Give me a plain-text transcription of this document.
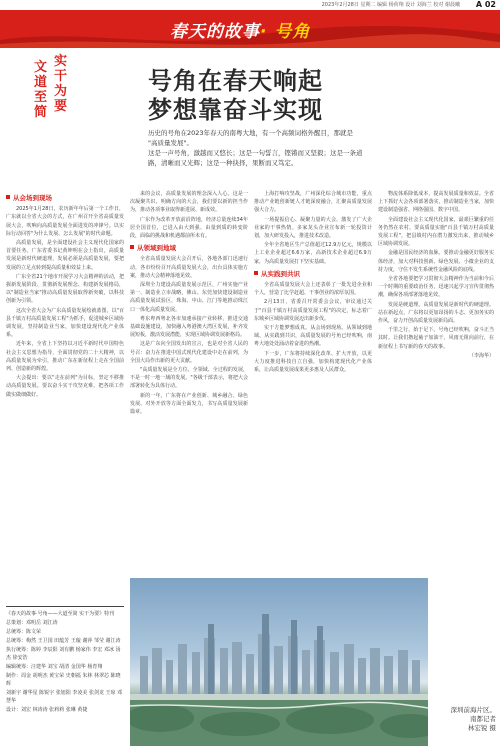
2023年2月28日 星期二 编辑 杨荷翔 设计 刘海兰 校对 谢晨曦 A 02
春天的故事· 号角
文道至简
实干为要
号角在春天响起
梦想靠奋斗实现
历史的号角在2023年春天的南粤大地，有一个高频词格外醒目，那就是
"高质量发展"。
这是一声号角，激越而又悠长；这是一句誓言，铿锵而又坚毅；这是一条道
路，清晰而又光辉；这是一种抉择，果断而又笃定。
从会场到现场

2025年1月28日，农历新年年后第一个工作日，广东就以全省大会的方式，在广州召开全省高质量发展大会，吹响向高质量发展全面进发的冲锋号。以实际行动回答"为什么发展、怎么发展"的时代命题。

高质量发展，是全面建设社会主义现代化国家的首要任务。广东省委书记黄坤明在会上指出，高质量发展是新时代硬道理，发展必须是高质量发展，要把发展的立足点转到提高质量和效益上来。

广东全省21个地市开展学习大会精神的活动，把握新发展阶段、贯彻新发展理念、构建新发展格局，以"制造业当家"推动高质量发展取得新突破，以科技创新为引领。

这次全省大会为广东高质量发展绘就蓝图，以"百县千镇万村高质量发展工程"为抓手，促进城乡区域协调发展，坚持制造业当家，加快建设现代化产业体系。

近年来，全省上下坚持以习近平新时代中国特色社会主义思想为指导，全面贯彻党的二十大精神，以高质量发展为牵引，推动广东在新征程上走在全国前列、创造新的辉煌。

大会提出：要以"走在前列"为目标，坚定不移推动高质量发展。要以奋斗实干攻坚克难，把各项工作做实做细做好。

来的会议，高质量发展的理念深入人心。这是一次凝聚共识、明确方向的大会，我们要以新的担当作为，推动各项事业取得新进展、新成效。

广东作为改革开放前沿阵地，经济总量连续34年居全国首位，已进入由大到强、由量到质的转变阶段，面临的挑战和机遇都前所未有。

从领域到地域

全省高质量发展大会召开后，各地各部门迅速行动，各市纷纷召开高质量发展大会，出台具体实施方案，推动大会精神落地见效。

深圳全力建设高质量发展示范区，广州实施产业第一、制造业立市战略，佛山、东莞加快建设制造业高质量发展试验区，珠海、中山、江门等地推动珠江口一体化高质量发展。

粤东粤西粤北各市加速承接产业转移，推进交通基础设施建设，加快融入粤港澳大湾区发展，补齐发展短板，激活发展潜能，实现区域协调发展新格局。

这是广东向全国发出的宣言，也是对全省人民的号召：奋力在推进中国式现代化建设中走在前列，为全国大局作出新的更大贡献。

"高质量发展是全方位、全领域、全过程的发展，不是一时一地一域的发展。"各级干部表示，将把大会部署转化为具体行动。

新的一年，广东将在产业创新、城乡融合、绿色发展、对外开放等方面全面发力，书写高质量发展新篇章。

上海打响攻坚战，广州深化综合城市功能，重点推动产业链创新链人才链深度融合，汇聚高质量发展强大合力。

一场提振信心、凝聚力量的大会，激发了广大企业家的干事热情。多家龙头企业宣布新一轮投资计划，加大研发投入，推进技术改造。

全年全省地区生产总值超过12.9万亿元，规模以上工业企业超过6.6万家，高新技术企业超过6.9万家，为高质量发展打下坚实基础。

从实践到共识

全省高质量发展大会上还表彰了一批先进企业和个人，营造了比学赶超、干事创业的浓厚氛围。

2月13日，省委召开常委会会议，审议通过关于"百县千镇万村高质量发展工程"的决定，标志着广东城乡区域协调发展迈出新步伐。

实干方能梦想成真。从会场到现场、从领域到地域、从实践到共识，高质量发展的号角已经吹响，南粤大地处处涌动着奋进的热潮。

下一步，广东将持续深化改革、扩大开放，以更大力度推进科技自立自强，加快构建现代化产业体系，让高质量发展成果更多惠及人民群众。

物流体系降低成本，提高发展质量和效益。全省上下抓好大会各项部署落实，推动制造业当家，加快建设制造强省、网络强国、数字中国。

全面建设社会主义现代化国家，最艰巨繁重的任务仍然在农村。要高质量实施"百县千镇万村高质量发展工程"，把县镇村内在潜力激发出来，推动城乡区域协调发展。

金融是国民经济的血脉。要推动金融更好服务实体经济，加大对科技创新、绿色发展、小微企业的支持力度，守住不发生系统性金融风险的底线。

全省各地要把学习贯彻大会精神作为当前和今后一个时期的重要政治任务，迅速兴起学习宣传贯彻热潮，确保各项部署落地见效。

发展是硬道理，高质量发展是新时代的硬道理。站在新起点，广东将以更加昂扬的斗志、更加务实的作风，奋力开创高质量发展新局面。

千里之行，始于足下。号角已经吹响，奋斗正当其时。让我们撸起袖子加油干、风雨无阻向前行，在新征程上书写新的春天的故事。

（李海华）

《春天的故事·号角——大道至简 实干为要》特刊

总策划：邓明岳 刘江涛

总统筹：陈文荣

总统筹：梅然 王卫国 田蕴芳 王璇 谢萍 邹莹 谢江涛

执行统筹：陈婷 李辰阳 刘有鹏 杨家伟 李宏 邓冰 汤杰 徐安浩

编辑统筹：汪建华 刘宝 胡清 金国华 杨育翔

制作：周金 胡明杰 黄宝荣 史朝福 朱林 林翠芯 陈晓辉

刘新宇 谢华星 陈锐宇 张旭阳 李凌美 张剑龙 王琼 邓慧华

设计：刘宏 林涛涛 张莉莉 张琳 黄捷	深圳前海片区。
南都记者
林宏锐 摄
